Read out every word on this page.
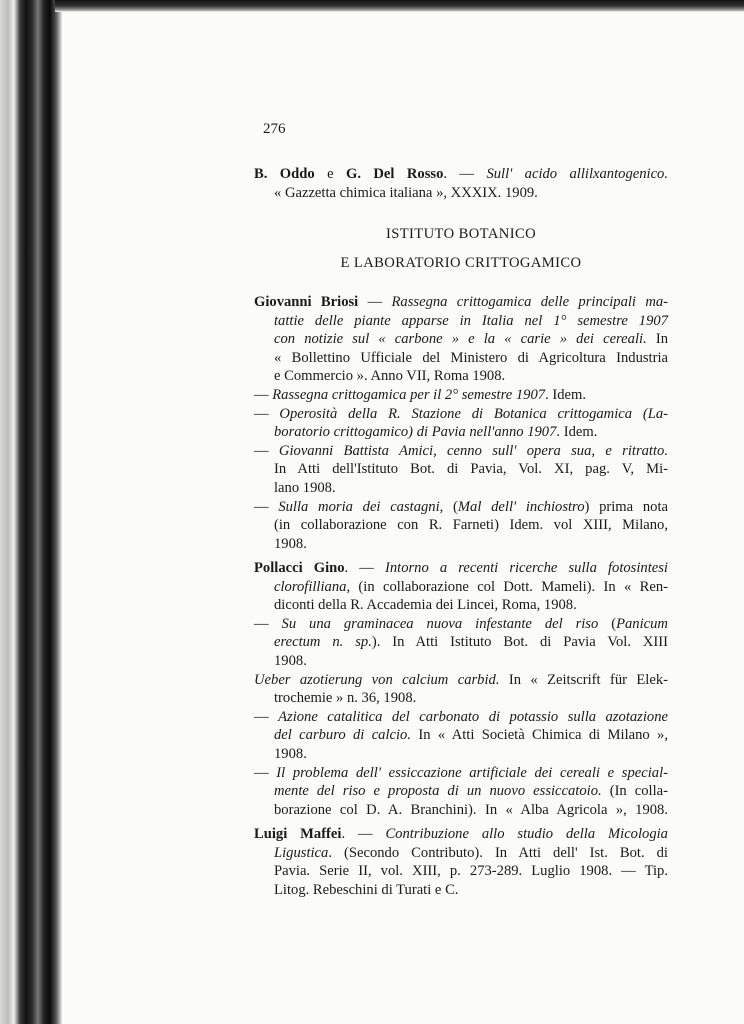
276
ISTITUTO BOTANICO
E LABORATORIO CRITTOGAMICO
B. Oddo e G. Del Rosso. — Sull' acido allilxantogenico.
« Gazzetta chimica italiana », XXXIX. 1909.
Giovanni Briosi — Rassegna crittogamica delle principali ma-
tattie delle piante apparse in Italia nel 1° semestre 1907
con notizie sul « carbone » e la « carie » dei cereali. In
« Bollettino Ufficiale del Ministero di Agricoltura Industria
e Commercio ». Anno VII, Roma 1908.
— Rassegna crittogamica per il 2° semestre 1907. Idem.
— Operosità della R. Stazione di Botanica crittogamica (La-
boratorio crittogamico) di Pavia nell'anno 1907. Idem.
— Giovanni Battista Amici, cenno sull' opera sua, e ritratto.
In Atti dell'Istituto Bot. di Pavia, Vol. XI, pag. V, Mi-
lano 1908.
— Sulla moria dei castagni, (Mal dell' inchiostro) prima nota
(in collaborazione con R. Farneti) Idem. vol XIII, Milano,
1908.
Pollacci Gino. — Intorno a recenti ricerche sulla fotosintesi
clorofilliana, (in collaborazione col Dott. Mameli). In « Ren-
diconti della R. Accademia dei Lincei, Roma, 1908.
— Su una graminacea nuova infestante del riso (Panicum
erectum n. sp.). In Atti Istituto Bot. di Pavia Vol. XIII
1908.
Ueber azotierung von calcium carbid. In « Zeitscrift für Elek-
trochemie » n. 36, 1908.
— Azione catalitica del carbonato di potassio sulla azotazione
del carburo di calcio. In « Atti Società Chimica di Milano »,
1908.
— Il problema dell' essiccazione artificiale dei cereali e special-
mente del riso e proposta di un nuovo essiccatoio. (In colla-
borazione col D. A. Branchini). In « Alba Agricola », 1908.
Luigi Maffei. — Contribuzione allo studio della Micologia
Ligustica. (Secondo Contributo). In Atti dell' Ist. Bot. di
Pavia. Serie II, vol. XIII, p. 273-289. Luglio 1908. — Tip.
Litog. Rebeschini di Turati e C.
